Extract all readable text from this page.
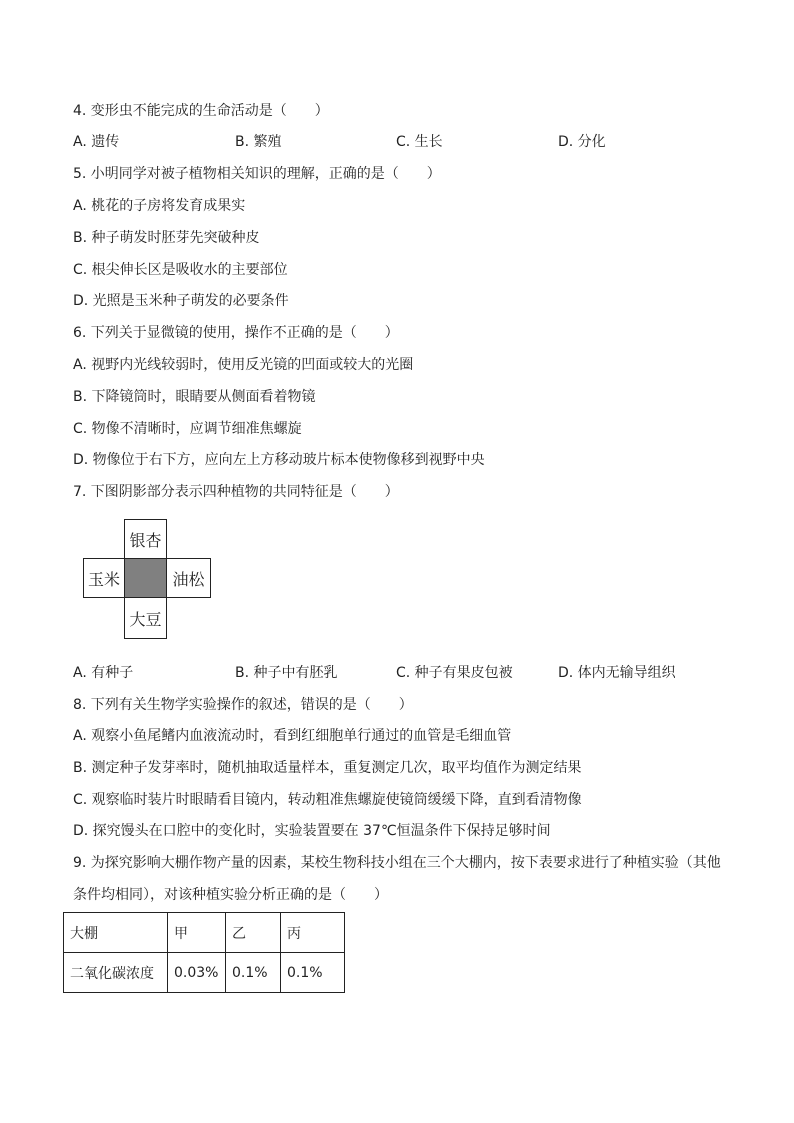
4. 变形虫不能完成的生命活动是（　　）
A. 遗传	B. 繁殖	C. 生长	D. 分化
5. 小明同学对被子植物相关知识的理解，正确的是（　　）
A. 桃花的子房将发育成果实
B. 种子萌发时胚芽先突破种皮
C. 根尖伸长区是吸收水的主要部位
D. 光照是玉米种子萌发的必要条件
6. 下列关于显微镜的使用，操作不正确的是（　　）
A. 视野内光线较弱时，使用反光镜的凹面或较大的光圈
B. 下降镜筒时，眼睛要从侧面看着物镜
C. 物像不清晰时，应调节细准焦螺旋
D. 物像位于右下方，应向左上方移动玻片标本使物像移到视野中央
7. 下图阴影部分表示四种植物的共同特征是（　　）
银杏
玉米	油松
大豆
A. 有种子	B. 种子中有胚乳	C. 种子有果皮包被	D. 体内无输导组织
8. 下列有关生物学实验操作的叙述，错误的是（　　）
A. 观察小鱼尾鳍内血液流动时，看到红细胞单行通过的血管是毛细血管
B. 测定种子发芽率时，随机抽取适量样本，重复测定几次，取平均值作为测定结果
C. 观察临时装片时眼睛看目镜内，转动粗准焦螺旋使镜筒缓缓下降，直到看清物像
D. 探究馒头在口腔中的变化时，实验装置要在 37℃恒温条件下保持足够时间
9. 为探究影响大棚作物产量的因素，某校生物科技小组在三个大棚内，按下表要求进行了种植实验（其他
条件均相同），对该种植实验分析正确的是（　　）
大棚	甲	乙	丙
二氧化碳浓度	0.03%	0.1%	0.1%
